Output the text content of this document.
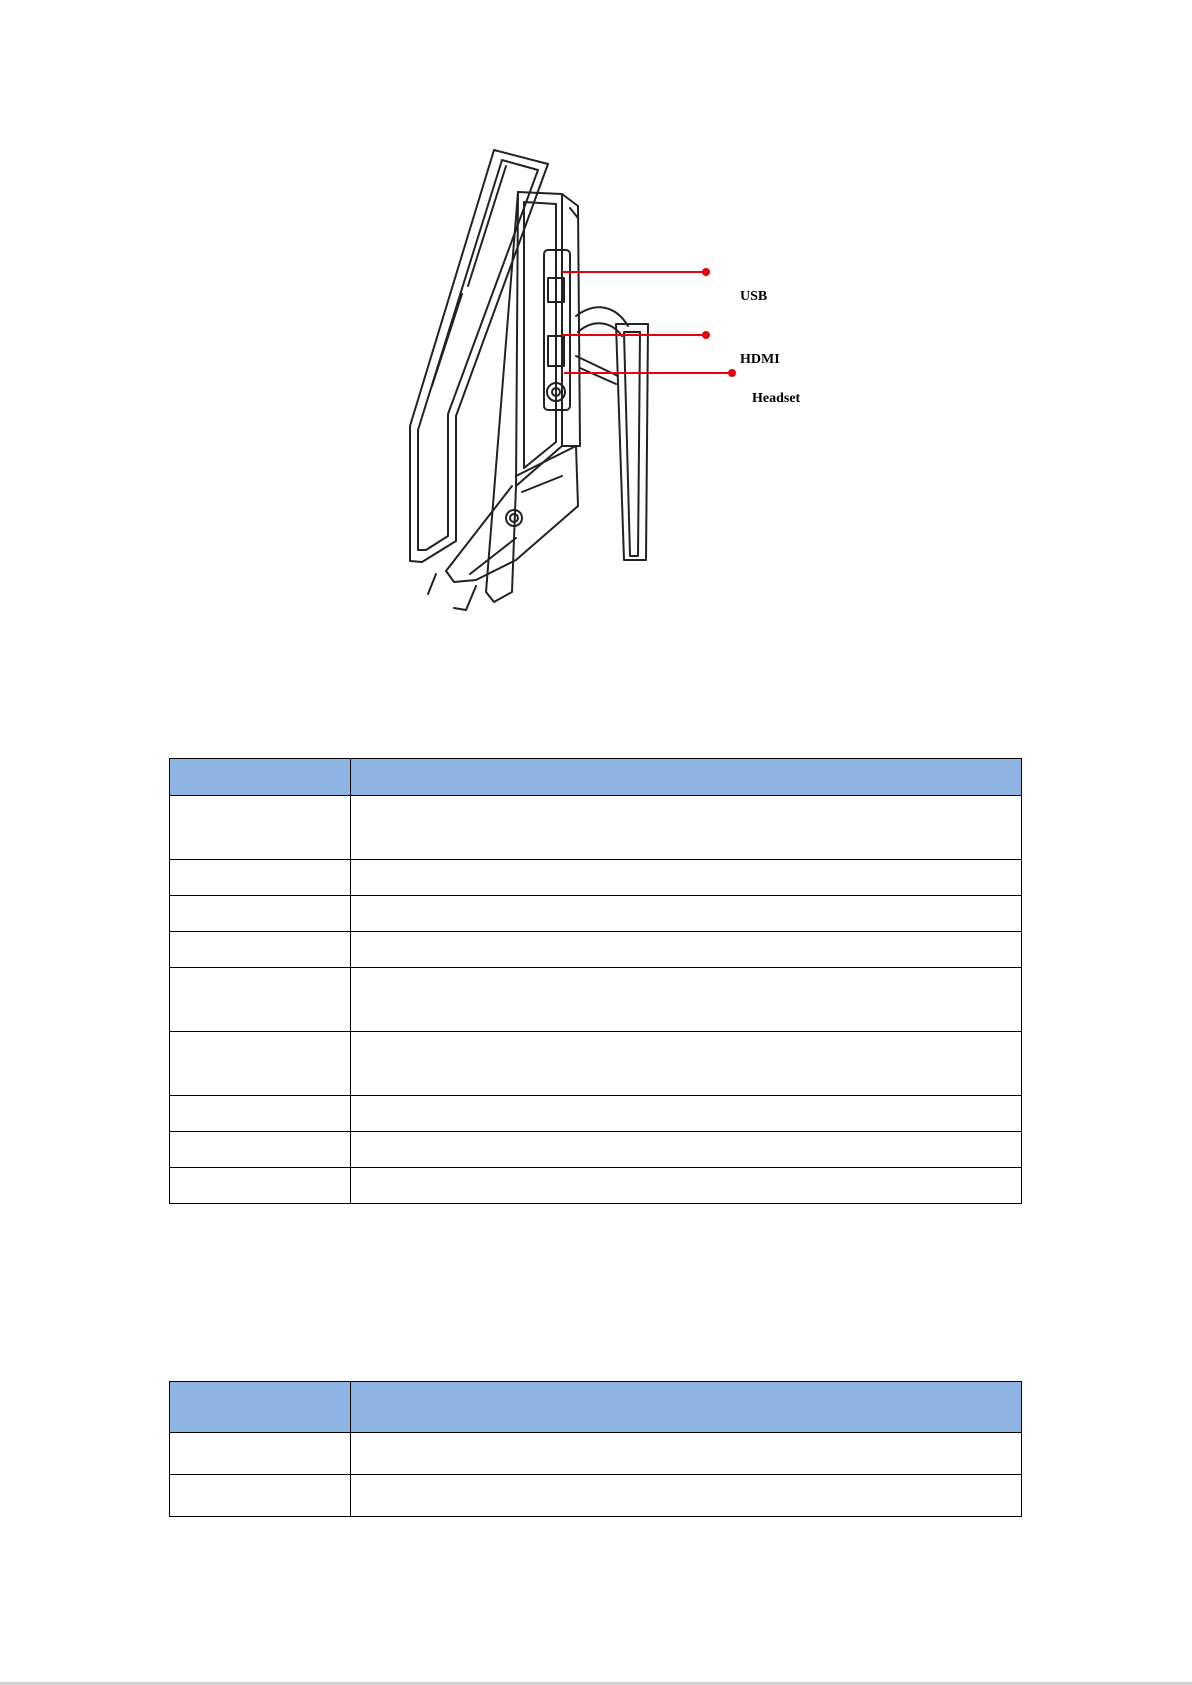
USB
HDMI
Headset
